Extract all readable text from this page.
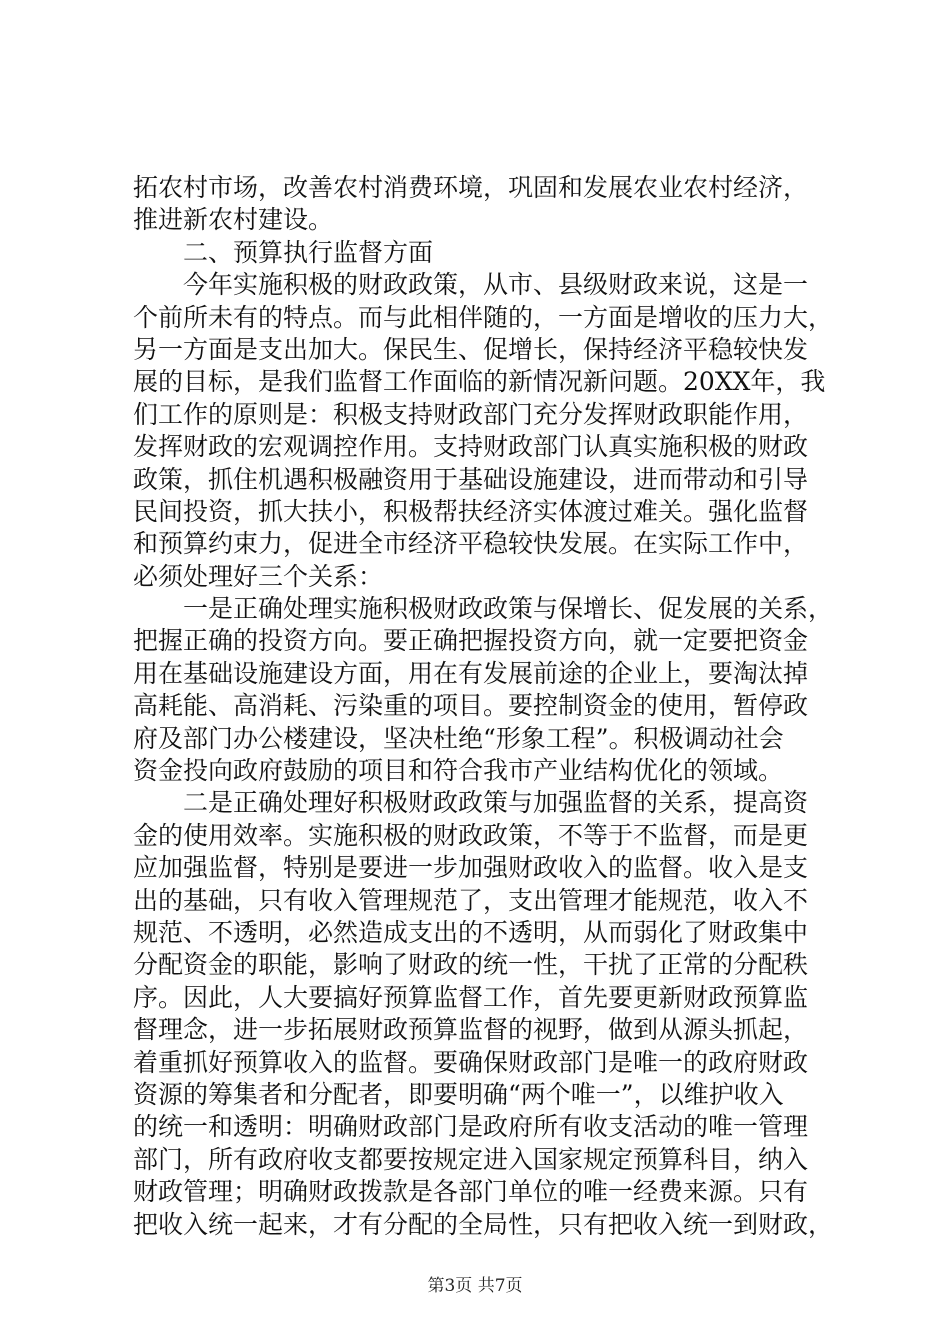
拓农村市场，改善农村消费环境，巩固和发展农业农村经济，
推进新农村建设。
　　二、预算执行监督方面
　　今年实施积极的财政政策，从市、县级财政来说，这是一
个前所未有的特点。而与此相伴随的，一方面是增收的压力大，
另一方面是支出加大。保民生、促增长，保持经济平稳较快发
展的目标，是我们监督工作面临的新情况新问题。20XX年，我
们工作的原则是：积极支持财政部门充分发挥财政职能作用，
发挥财政的宏观调控作用。支持财政部门认真实施积极的财政
政策，抓住机遇积极融资用于基础设施建设，进而带动和引导
民间投资，抓大扶小，积极帮扶经济实体渡过难关。强化监督
和预算约束力，促进全市经济平稳较快发展。在实际工作中，
必须处理好三个关系：
　　一是正确处理实施积极财政政策与保增长、促发展的关系，
把握正确的投资方向。要正确把握投资方向，就一定要把资金
用在基础设施建设方面，用在有发展前途的企业上，要淘汰掉
高耗能、高消耗、污染重的项目。要控制资金的使用，暂停政
府及部门办公楼建设，坚决杜绝“形象工程”。积极调动社会
资金投向政府鼓励的项目和符合我市产业结构优化的领域。
　　二是正确处理好积极财政政策与加强监督的关系，提高资
金的使用效率。实施积极的财政政策，不等于不监督，而是更
应加强监督，特别是要进一步加强财政收入的监督。收入是支
出的基础，只有收入管理规范了，支出管理才能规范，收入不
规范、不透明，必然造成支出的不透明，从而弱化了财政集中
分配资金的职能，影响了财政的统一性，干扰了正常的分配秩
序。因此，人大要搞好预算监督工作，首先要更新财政预算监
督理念，进一步拓展财政预算监督的视野，做到从源头抓起，
着重抓好预算收入的监督。要确保财政部门是唯一的政府财政
资源的筹集者和分配者，即要明确“两个唯一”，以维护收入
的统一和透明：明确财政部门是政府所有收支活动的唯一管理
部门，所有政府收支都要按规定进入国家规定预算科目，纳入
财政管理；明确财政拨款是各部门单位的唯一经费来源。只有
把收入统一起来，才有分配的全局性，只有把收入统一到财政，
第3页 共7页
